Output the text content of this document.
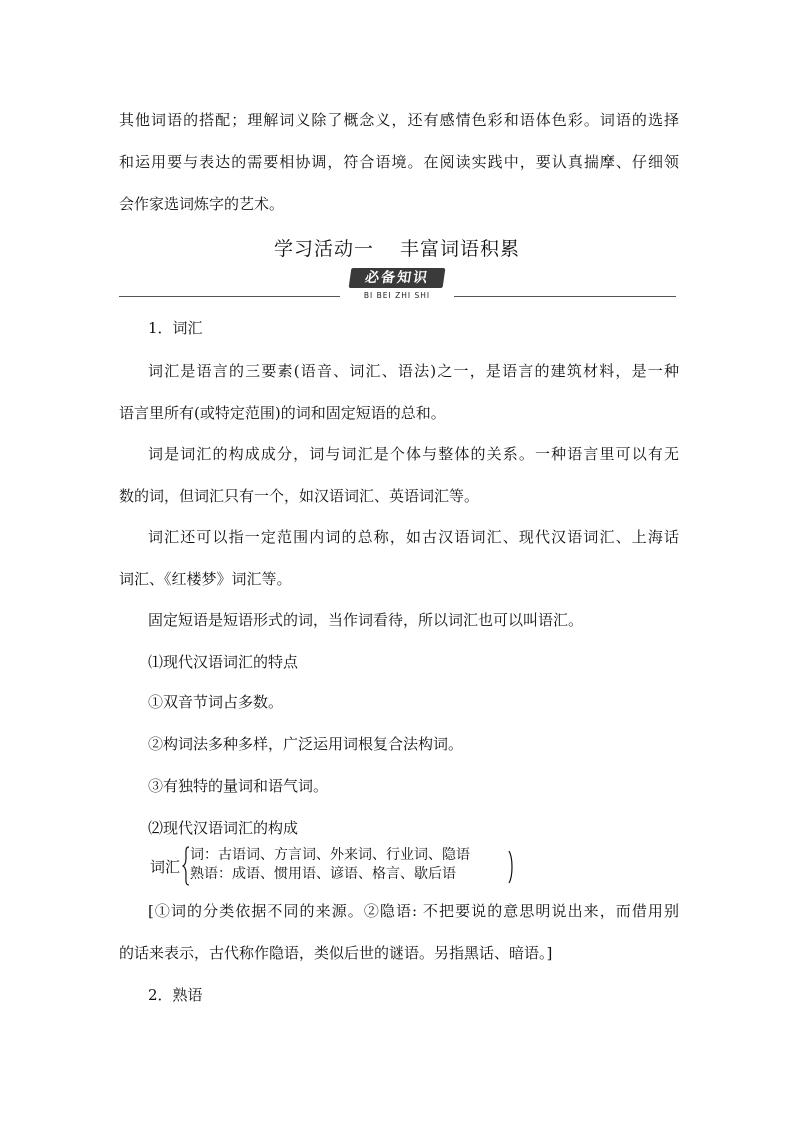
其他词语的搭配；理解词义除了概念义，还有感情色彩和语体色彩。词语的选择
和运用要与表达的需要相协调，符合语境。在阅读实践中，要认真揣摩、仔细领
会作家选词炼字的艺术。
学习活动一 丰富词语积累
必备知识
BI BEI ZHI SHI
1．词汇
词汇是语言的三要素(语音、词汇、语法)之一，是语言的建筑材料，是一种
语言里所有(或特定范围)的词和固定短语的总和。
词是词汇的构成成分，词与词汇是个体与整体的关系。一种语言里可以有无
数的词，但词汇只有一个，如汉语词汇、英语词汇等。
词汇还可以指一定范围内词的总称，如古汉语词汇、现代汉语词汇、上海话
词汇、《红楼梦》词汇等。
固定短语是短语形式的词，当作词看待，所以词汇也可以叫语汇。
⑴现代汉语词汇的特点
①双音节词占多数。
②构词法多种多样，广泛运用词根复合法构词。
③有独特的量词和语气词。
⑵现代汉语词汇的构成
词汇
词：古语词、方言词、外来词、行业词、隐语
熟语：成语、惯用语、谚语、格言、歇后语
[①词的分类依据不同的来源。②隐语: 不把要说的意思明说出来，而借用别
的话来表示，古代称作隐语，类似后世的谜语。另指黑话、暗语。]
2．熟语
